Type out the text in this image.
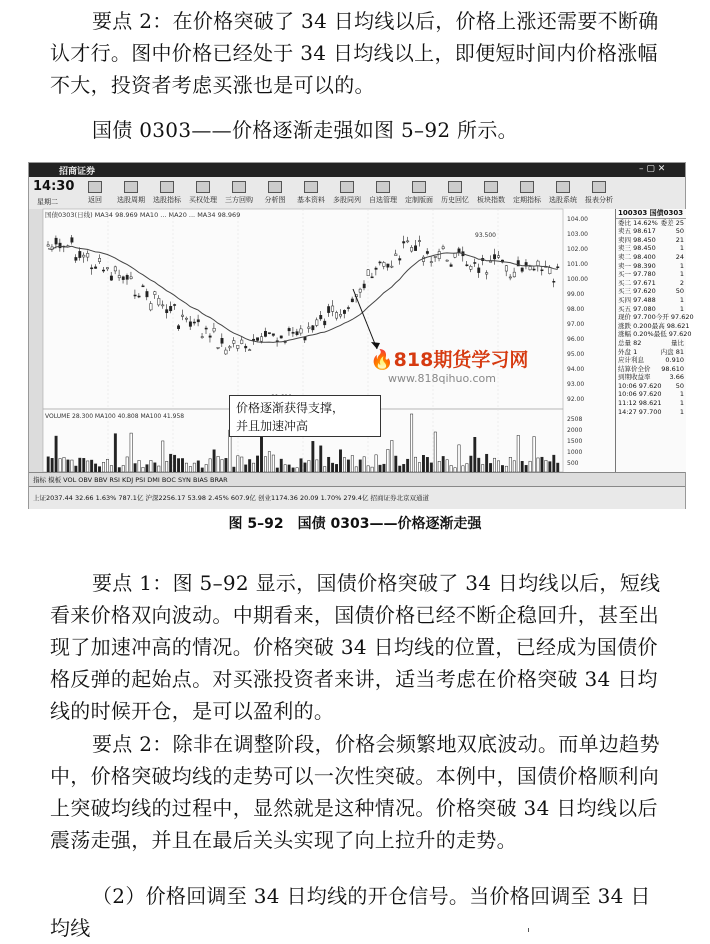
要点 2：在价格突破了 34 日均线以后，价格上涨还需要不断确认才行。图中价格已经处于 34 日均线以上，即便短时间内价格涨幅不大，投资者考虑买涨也是可以的。
国债 0303——价格逐渐走强如图 5–92 所示。
招商证券	– ▢ ✕
14:30
星期二	返回	选股周期 选股指标 买权处理 三方回购	分析图	基本资料 多股同列 自选管理 定制版面 历史回忆 板块指数 定期指标 选股系统 报表分析
国债0303(日线) MA34 98.969 MA10 ... MA20 ... MA34 98.969
104.00
103.00
102.00
101.00
100.00
99.00
98.00
97.00
96.00
95.00
94.00
93.00
92.00
2508
2000
1500
1000
500
VOLUME 28.300 MA100 40.808 MA100 41.958
93.500
价格逐渐获得支撑，
并且加速冲高
100303 国债0303
委比 14.62% 委差 25
卖五 98.617	50
卖四 98.450	21
卖三 98.450	1
卖二 98.400	24
卖一 98.390	1
买一 97.780	1
买二 97.671	2
买三 97.620	50
买四 97.488	1
买五 97.080	1
现价 97.700 今开 97.620
涨跌 0.200 最高 98.621
涨幅 0.20% 最低 97.620
总量 82	量比
外盘 1	内盘 81
应计利息	0.910
结算价全价 98.610
到期收益率	3.66
10:06 97.620 50
10:06 97.620	1
11:12 98.621	1
14:27 97.700	1
指标 模板 VOL OBV BBV RSI KDJ PSI DMI BOC SYN BIAS BRAR
上证2037.44 32.66 1.63% 787.1亿 沪深2256.17 53.98 2.45% 607.9亿 创业1174.36 20.09 1.70% 279.4亿 招商证券北京双通道
🔥818期货学习网
www.818qihuo.com
图 5–92　国债 0303——价格逐渐走强
要点 1：图 5–92 显示，国债价格突破了 34 日均线以后，短线看来价格双向波动。中期看来，国债价格已经不断企稳回升，甚至出现了加速冲高的情况。价格突破 34 日均线的位置，已经成为国债价格反弹的起始点。对买涨投资者来讲，适当考虑在价格突破 34 日均线的时候开仓，是可以盈利的。
要点 2：除非在调整阶段，价格会频繁地双底波动。而单边趋势中，价格突破均线的走势可以一次性突破。本例中，国债价格顺利向上突破均线的过程中，显然就是这种情况。价格突破 34 日均线以后震荡走强，并且在最后关头实现了向上拉升的走势。
（2）价格回调至 34 日均线的开仓信号。当价格回调至 34 日均线
